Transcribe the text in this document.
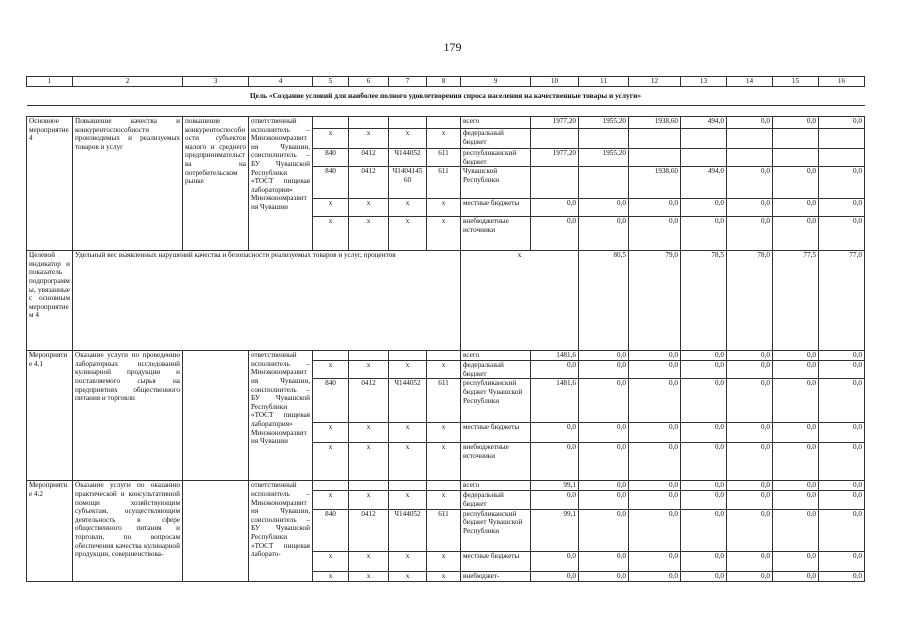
179
1	2	3	4	5	6	7	8	9	10	11	12	13	14	15	16	
Цель «Создание условий для наиболее полного удовлетворения спроса населения на качественные товары и услуги»																

Основное мероприятие 4	Повышение качества и конкурентоспособности производимых и реализуемых товаров и услуг	повышение конкурентоспособности субъектов малого и среднего предпринимательства на потребительском рынке	ответственный исполнитель – Минэкономразвития Чувашии, соисполнитель – БУ Чувашской Республики «ТОСТ пищевая лаборатория» Минэкономразвития Чувашии					всего	1977,20	1955,20	1938,60	494,0	0,0	0,0	0,0	
				x	x	x	x	федеральный бюджет								
				840	0412	Ч144052	611	республиканский бюджет	1977,20	1955,20						
				840	0412	Ч140414560	611	Чувашской Республики			1938,60	494,0	0,0	0,0	0,0	
				x	x	x	x	местные бюджеты	0,0	0,0	0,0	0,0	0,0	0,0	0,0	
				x	x	x	x	внебюджетные источники	0,0	0,0	0,0	0,0	0,0	0,0	0,0	
Целевой индикатор и показатель подпрограммы, увязанные с основным мероприятием 4	Удельный вес выявленных нарушений качества и безопасности реализуемых товаров и услуг, процентов							x		80,5	79,0	78,5	78,0	77,5	77,0	
Мероприятие 4.1	Оказание услуги по проведению лабораторных исследований кулинарной продукции и поставляемого сырья на предприятиях общественного питания и торговли		ответственный исполнитель – Минэкономразвития Чувашии, соисполнитель – БУ Чувашской Республики «ТОСТ пищевая лаборатория» Минэкономразвития Чувашии					всего	1481,6	0,0	0,0	0,0	0,0	0,0	0,0	
				x	x	x	x	федеральный бюджет	0,0	0,0	0,0	0,0	0,0	0,0	0,0	
				840	0412	Ч144052	611	республиканский бюджет Чувашской Республики	1481,6	0,0	0,0	0,0	0,0	0,0	0,0	
				x	x	x	x	местные бюджеты	0,0	0,0	0,0	0,0	0,0	0,0	0,0	
				x	x	x	x	внебюджетные источники	0,0	0,0	0,0	0,0	0,0	0,0	0,0	
Мероприятие 4.2	Оказание услуги по оказанию практической и консультативной помощи хозяйствующим субъектам, осуществляющим деятельность в сфере общественного питания и торговли, по вопросам обеспечения качества кулинарной продукции, совершенствова-		ответственный исполнитель – Минэкономразвития Чувашии, соисполнитель – БУ Чувашской Республики «ТОСТ пищевая лаборато-					всего	99,1	0,0	0,0	0,0	0,0	0,0	0,0	
				x	x	x	x	федеральный бюджет	0,0	0,0	0,0	0,0	0,0	0,0	0,0	
				840	0412	Ч144052	611	республиканский бюджет Чувашской Республики	99,1	0,0	0,0	0,0	0,0	0,0	0,0	
				x	x	x	x	местные бюджеты	0,0	0,0	0,0	0,0	0,0	0,0	0,0	
				x	x	x	x	внебюджет-	0,0	0,0	0,0	0,0	0,0	0,0	0,0	
